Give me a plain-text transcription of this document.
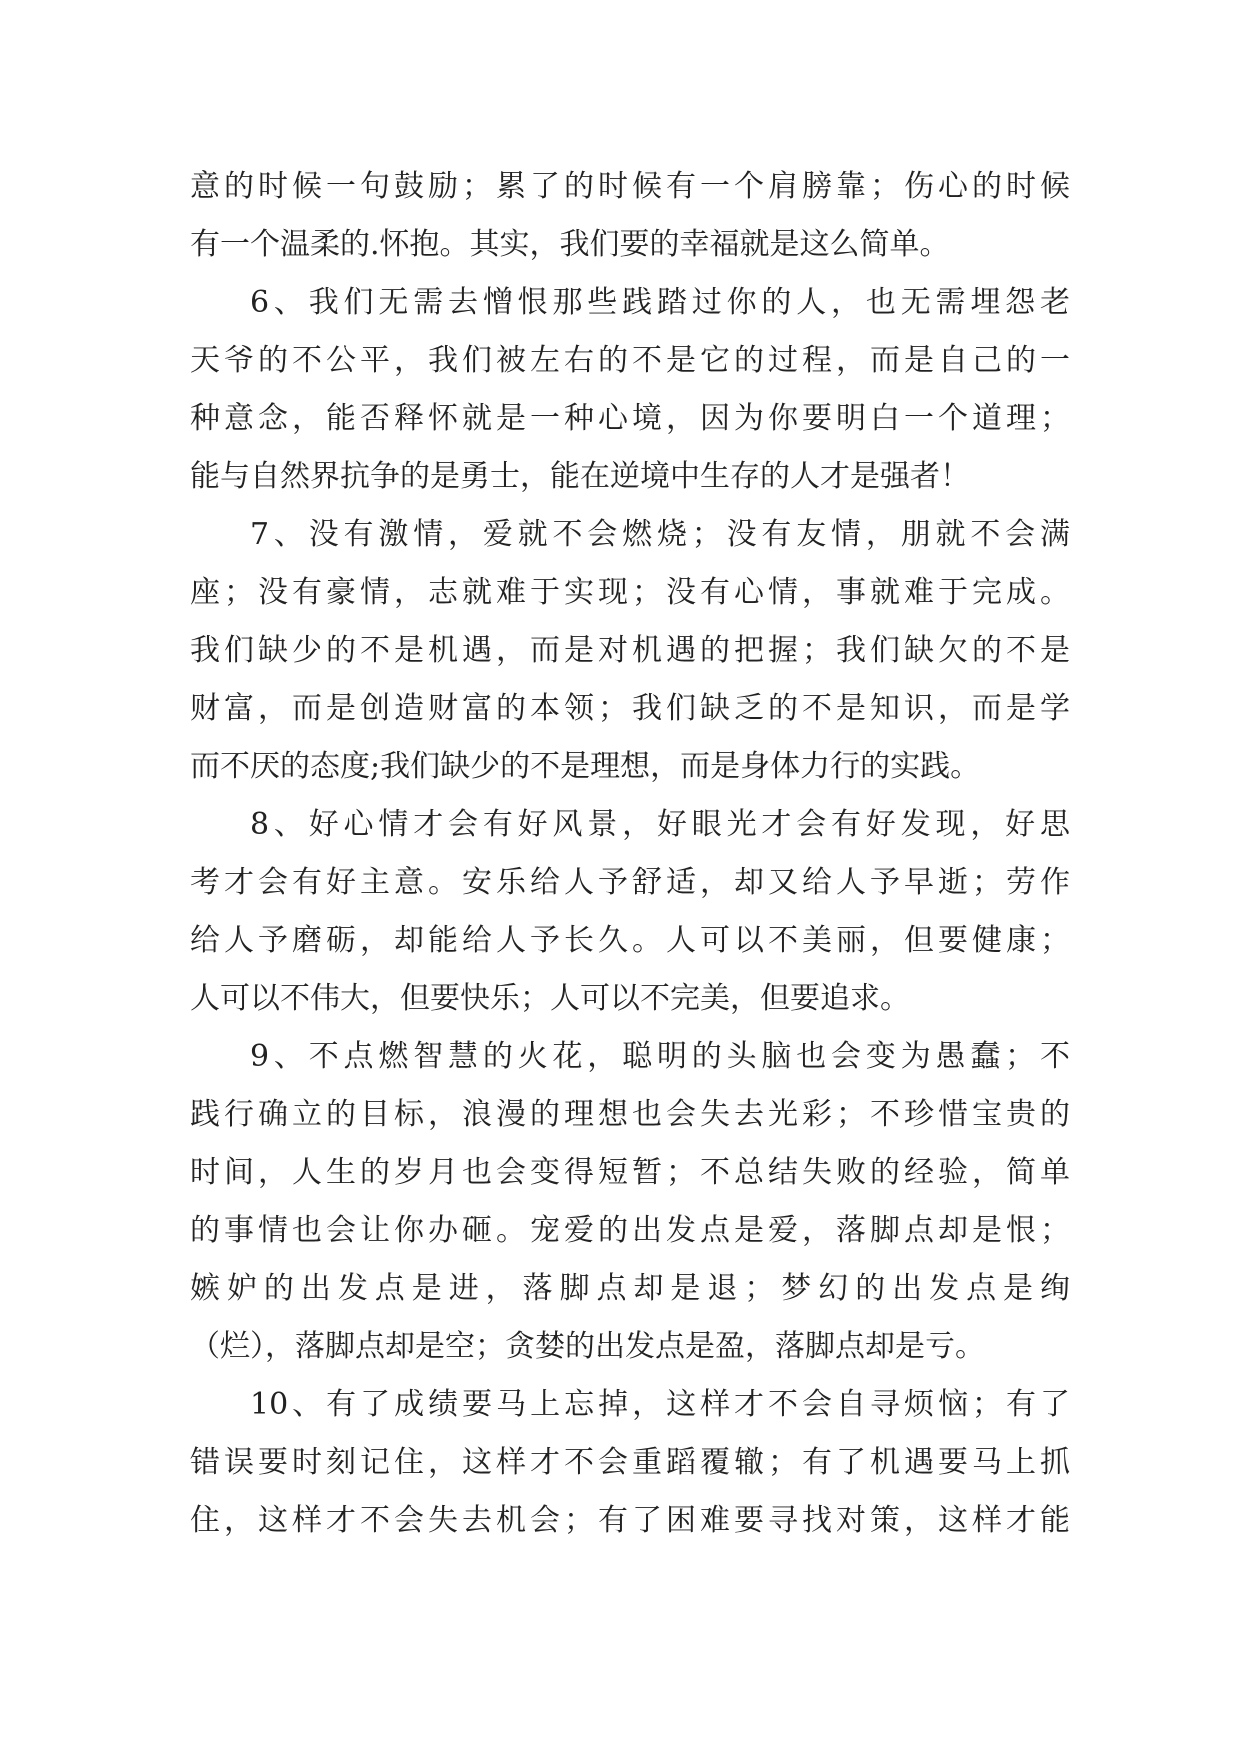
意的时候一句鼓励；累了的时候有一个肩膀靠；伤心的时候
有一个温柔的.怀抱。其实，我们要的幸福就是这么简单。
6、我们无需去憎恨那些践踏过你的人，也无需埋怨老
天爷的不公平，我们被左右的不是它的过程，而是自己的一
种意念，能否释怀就是一种心境，因为你要明白一个道理；
能与自然界抗争的是勇士，能在逆境中生存的人才是强者！
7、没有激情，爱就不会燃烧；没有友情，朋就不会满
座；没有豪情，志就难于实现；没有心情，事就难于完成。
我们缺少的不是机遇，而是对机遇的把握；我们缺欠的不是
财富，而是创造财富的本领；我们缺乏的不是知识，而是学
而不厌的态度;我们缺少的不是理想，而是身体力行的实践。
8、好心情才会有好风景，好眼光才会有好发现，好思
考才会有好主意。安乐给人予舒适，却又给人予早逝；劳作
给人予磨砺，却能给人予长久。人可以不美丽，但要健康；
人可以不伟大，但要快乐；人可以不完美，但要追求。
9、不点燃智慧的火花，聪明的头脑也会变为愚蠢；不
践行确立的目标，浪漫的理想也会失去光彩；不珍惜宝贵的
时间，人生的岁月也会变得短暂；不总结失败的经验，简单
的事情也会让你办砸。宠爱的出发点是爱，落脚点却是恨；
嫉妒的出发点是进，落脚点却是退；梦幻的出发点是绚
（烂），落脚点却是空；贪婪的出发点是盈，落脚点却是亏。
10、有了成绩要马上忘掉，这样才不会自寻烦恼；有了
错误要时刻记住，这样才不会重蹈覆辙；有了机遇要马上抓
住，这样才不会失去机会；有了困难要寻找对策，这样才能
